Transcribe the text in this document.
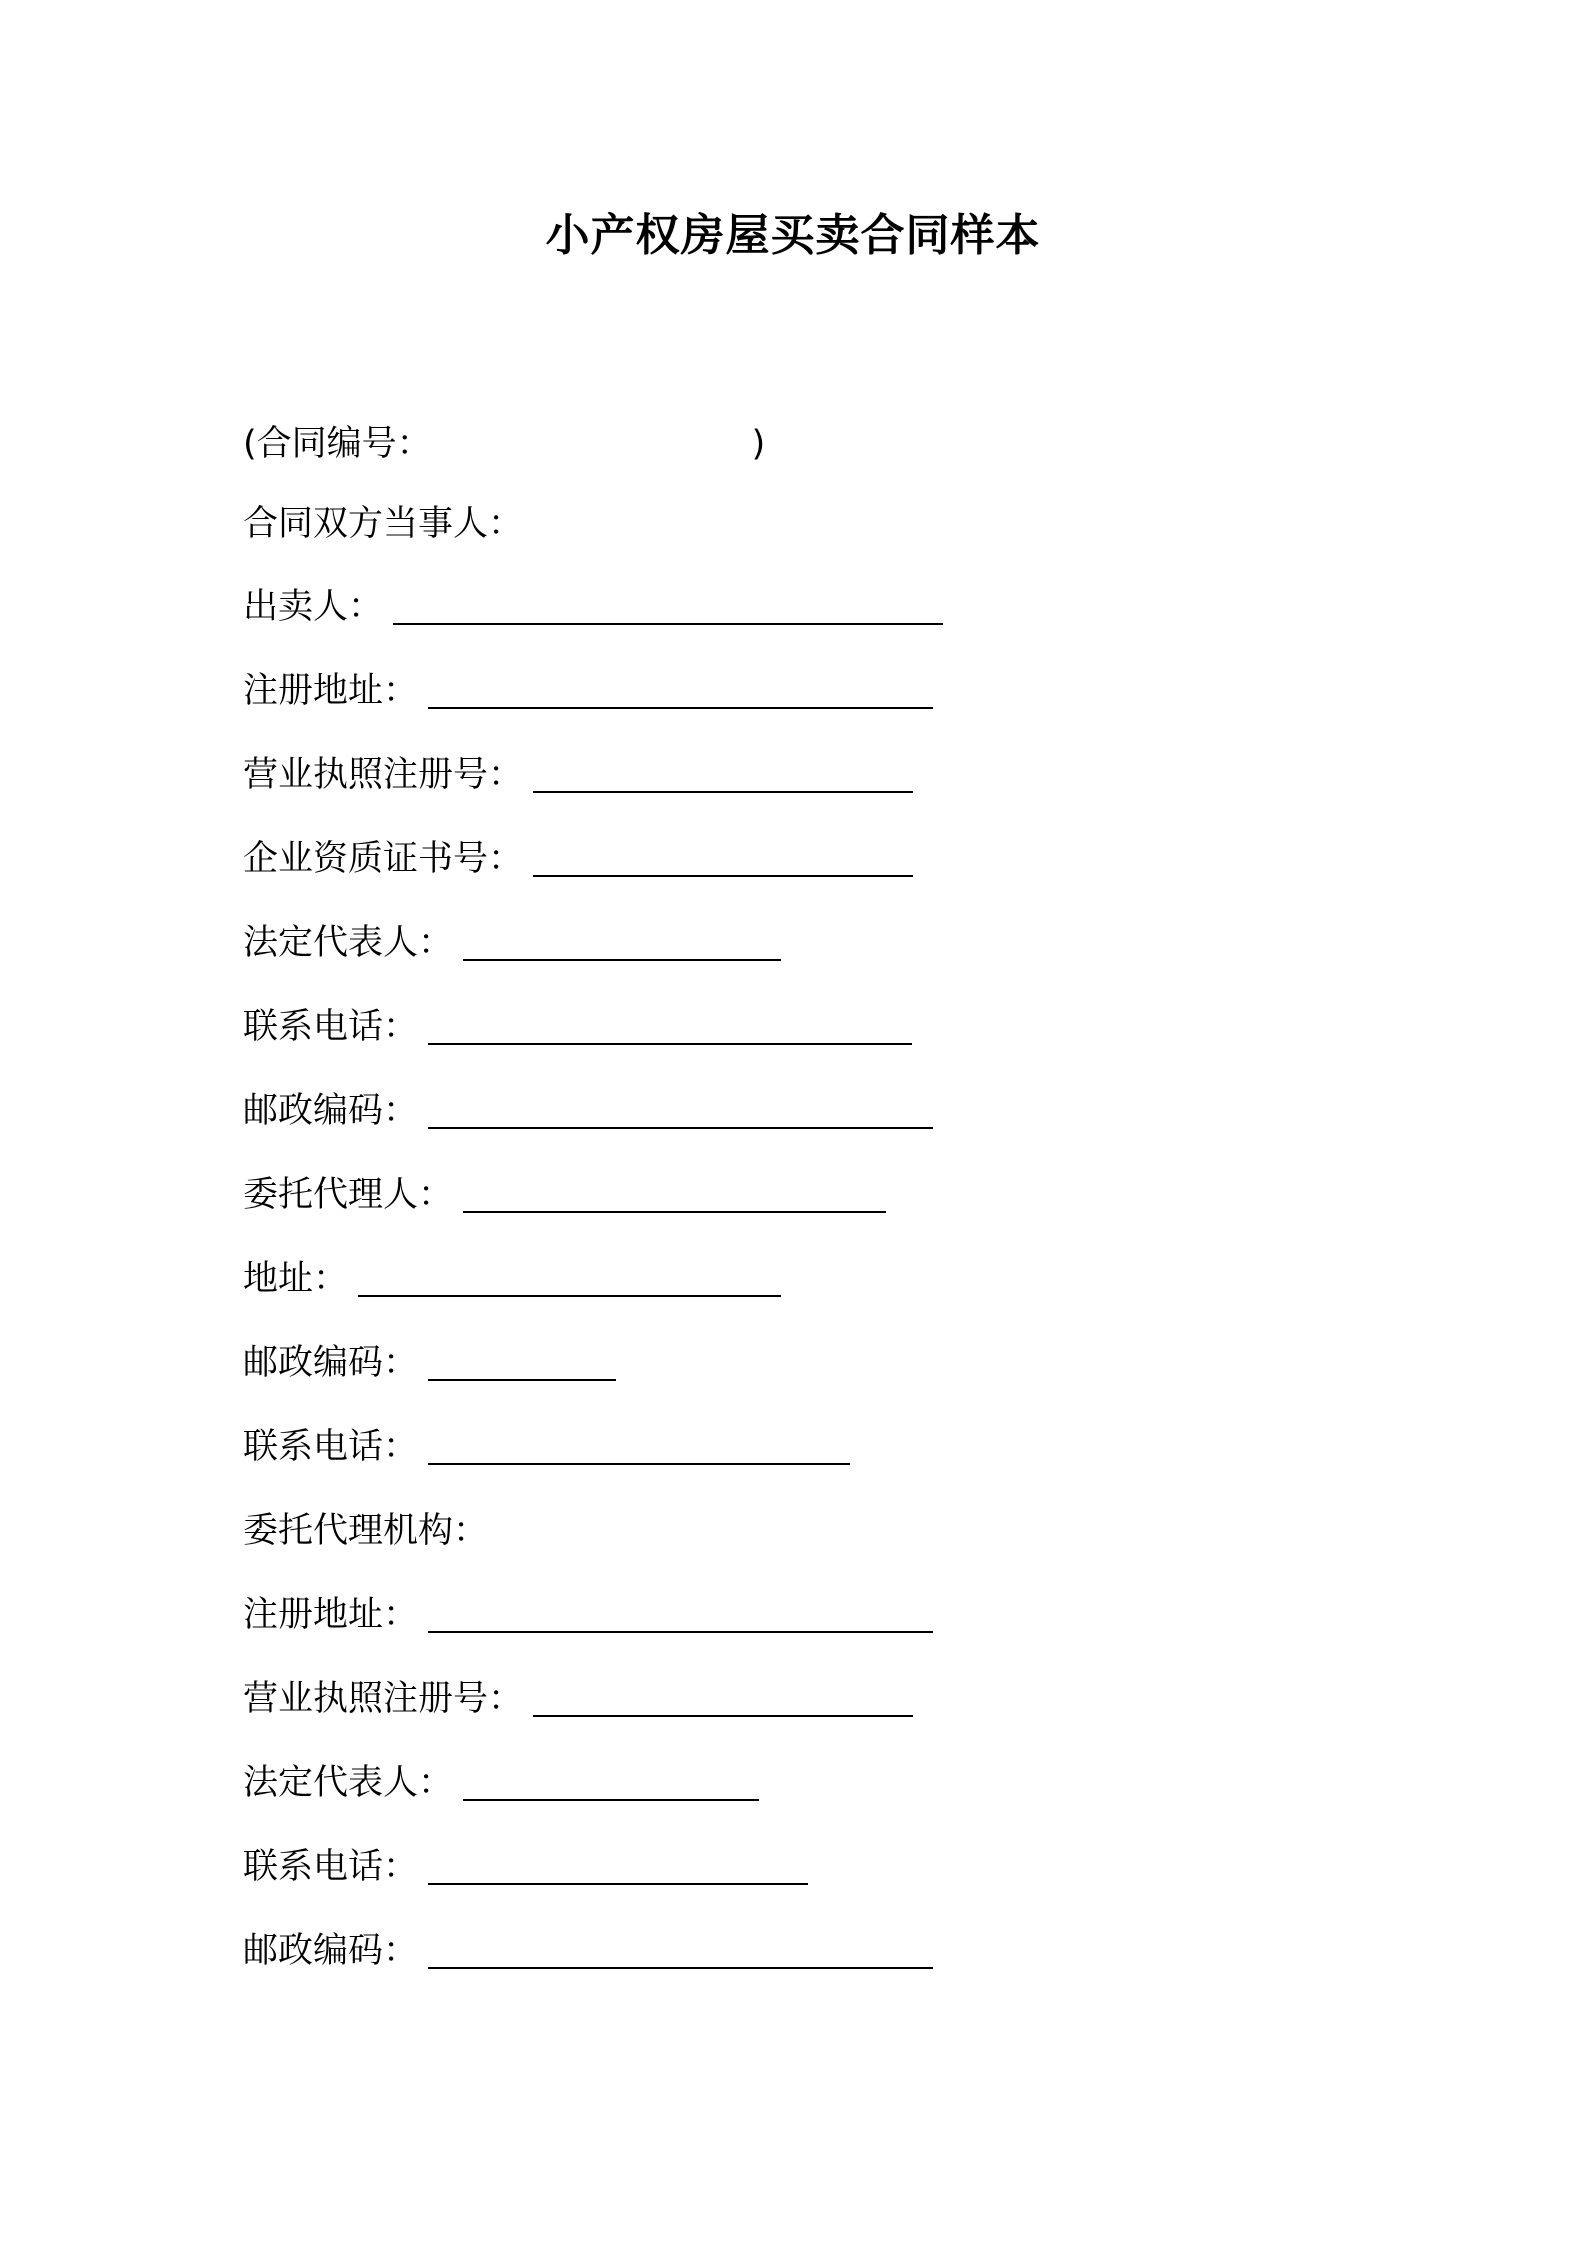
小产权房屋买卖合同样本
(合同编号：	)
合同双方当事人：
出卖人：
注册地址：
营业执照注册号：
企业资质证书号：
法定代表人：
联系电话：
邮政编码：
委托代理人：
地址：
邮政编码：
联系电话：
委托代理机构：
注册地址：
营业执照注册号：
法定代表人：
联系电话：
邮政编码：
